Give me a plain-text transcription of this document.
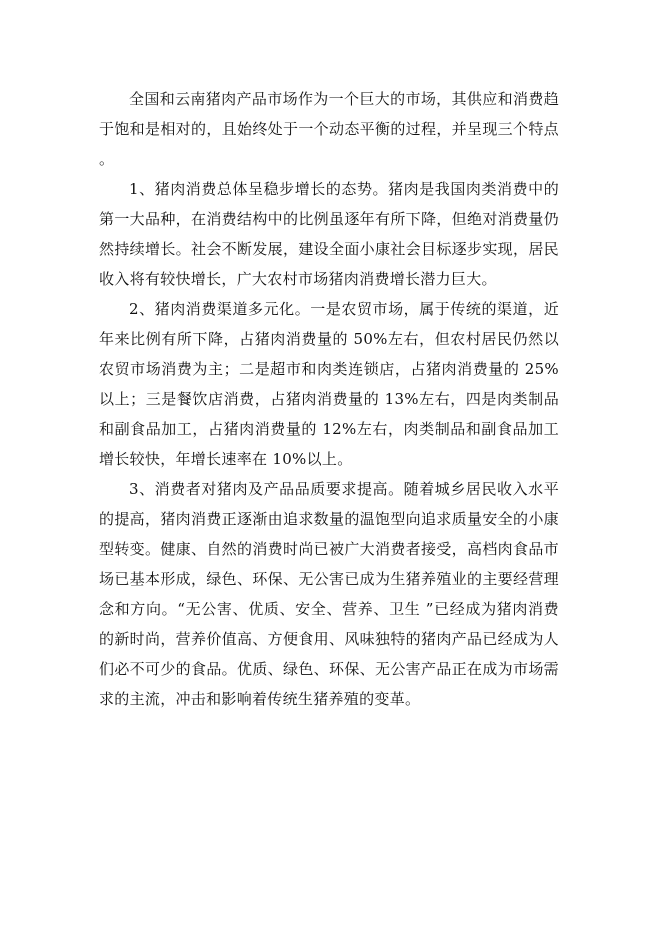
全国和云南猪肉产品市场作为一个巨大的市场，其供应和消费趋于饱和是相对的，且始终处于一个动态平衡的过程，并呈现三个特点。

1、猪肉消费总体呈稳步增长的态势。猪肉是我国肉类消费中的第一大品种，在消费结构中的比例虽逐年有所下降，但绝对消费量仍然持续增长。社会不断发展，建设全面小康社会目标逐步实现，居民收入将有较快增长，广大农村市场猪肉消费增长潜力巨大。

2、猪肉消费渠道多元化。一是农贸市场，属于传统的渠道，近年来比例有所下降，占猪肉消费量的 50%左右，但农村居民仍然以农贸市场消费为主；二是超市和肉类连锁店，占猪肉消费量的 25%以上；三是餐饮店消费，占猪肉消费量的 13%左右，四是肉类制品和副食品加工，占猪肉消费量的 12%左右，肉类制品和副食品加工增长较快，年增长速率在 10%以上。

3、消费者对猪肉及产品品质要求提高。随着城乡居民收入水平的提高，猪肉消费正逐渐由追求数量的温饱型向追求质量安全的小康型转变。健康、自然的消费时尚已被广大消费者接受，高档肉食品市场已基本形成，绿色、环保、无公害已成为生猪养殖业的主要经营理念和方向。“无公害、优质、安全、营养、卫生 ”已经成为猪肉消费的新时尚，营养价值高、方便食用、风味独特的猪肉产品已经成为人们必不可少的食品。优质、绿色、环保、无公害产品正在成为市场需求的主流，冲击和影响着传统生猪养殖的变革。
